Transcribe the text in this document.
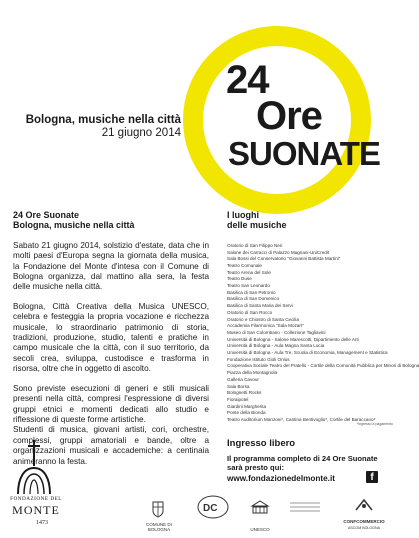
24
Ore
SUONATE
Bologna, musiche nella città
21 giugno 2014
24 Ore Suonate
Bologna, musiche nella città

Sabato 21 giugno 2014, solstizio d'estate, data che in molti paesi d'Europa segna la giornata della musica, la Fondazione del Monte d'intesa con il Comune di Bologna organizza, dal mattino alla sera, la festa delle musiche nella città.

Bologna, Città Creativa della Musica UNESCO, celebra e festeggia la propria vocazione e ricchezza musicale, lo straordinario patrimonio di storia, tradizioni, produzione, studio, talenti e pratiche in campo musicale che la città, con il suo territorio, da secoli crea, sviluppa, custodisce e trasforma in risorsa, oltre che in oggetto di ascolto.

Sono previste esecuzioni di generi e stili musicali presenti nella città, compresi l'espressione di diversi gruppi etnici e momenti dedicati allo studio e riflessione di queste forme artistiche.

Studenti di musica, giovani artisti, cori, orchestre, complessi, gruppi amatoriali e bande, oltre a organizzazioni musicali e accademiche: a centinaia animeranno la festa.

I luoghi
delle musiche
Oratorio di San Filippo Neri
Salone dei Carracci di Palazzo Magnani-UniCredit
Sala Bossi del Conservatorio "Giovanni Battista Martini"
Teatro Comunale
Teatro Arena del Sole
Teatro Duse
Teatro San Leonardo
Basilica di San Petronio
Basilica di San Domenico
Basilica di Santa Maria dei Servi
Oratorio di San Rocco
Oratorio e Chiostro di Santa Cecilia
Accademia Filarmonica "Sala Mozart"
Museo di San Colombano - Collezione Tagliavini
Università di Bologna - Salone Marescotti, Dipartimento delle Arti
Università di Bologna - Aula Magna Santa Lucia
Università di Bologna - Aula Tre, Scuola di Economia, Management e Statistica
Fondazione Istituto Gioli Onlus
Cooperativa Sociale Teatro del Pratello - Cortile della Comunità Pubblica per Minori di Bologna
Piazza della Montagnola
Galleria Cavour
Sala Borsa
Bolognetti Rocks
Fioraipotel
Giardini Margherita
Ponte della Bionda
Teatro Auditorium Manzoni*, Cantina Bentivoglio*, Cortile del Baraccano*
*Ingresso a pagamento
Ingresso libero
Il programma completo di 24 Ore Suonate
sarà presto qui:
www.fondazionedelmonte.it	f
FONDAZIONE DEL
MONTE
1473	COMUNE DI BOLOGNA
DC
UNESCO
CONFCOMMERCIO
ASCOM BOLOGNA
